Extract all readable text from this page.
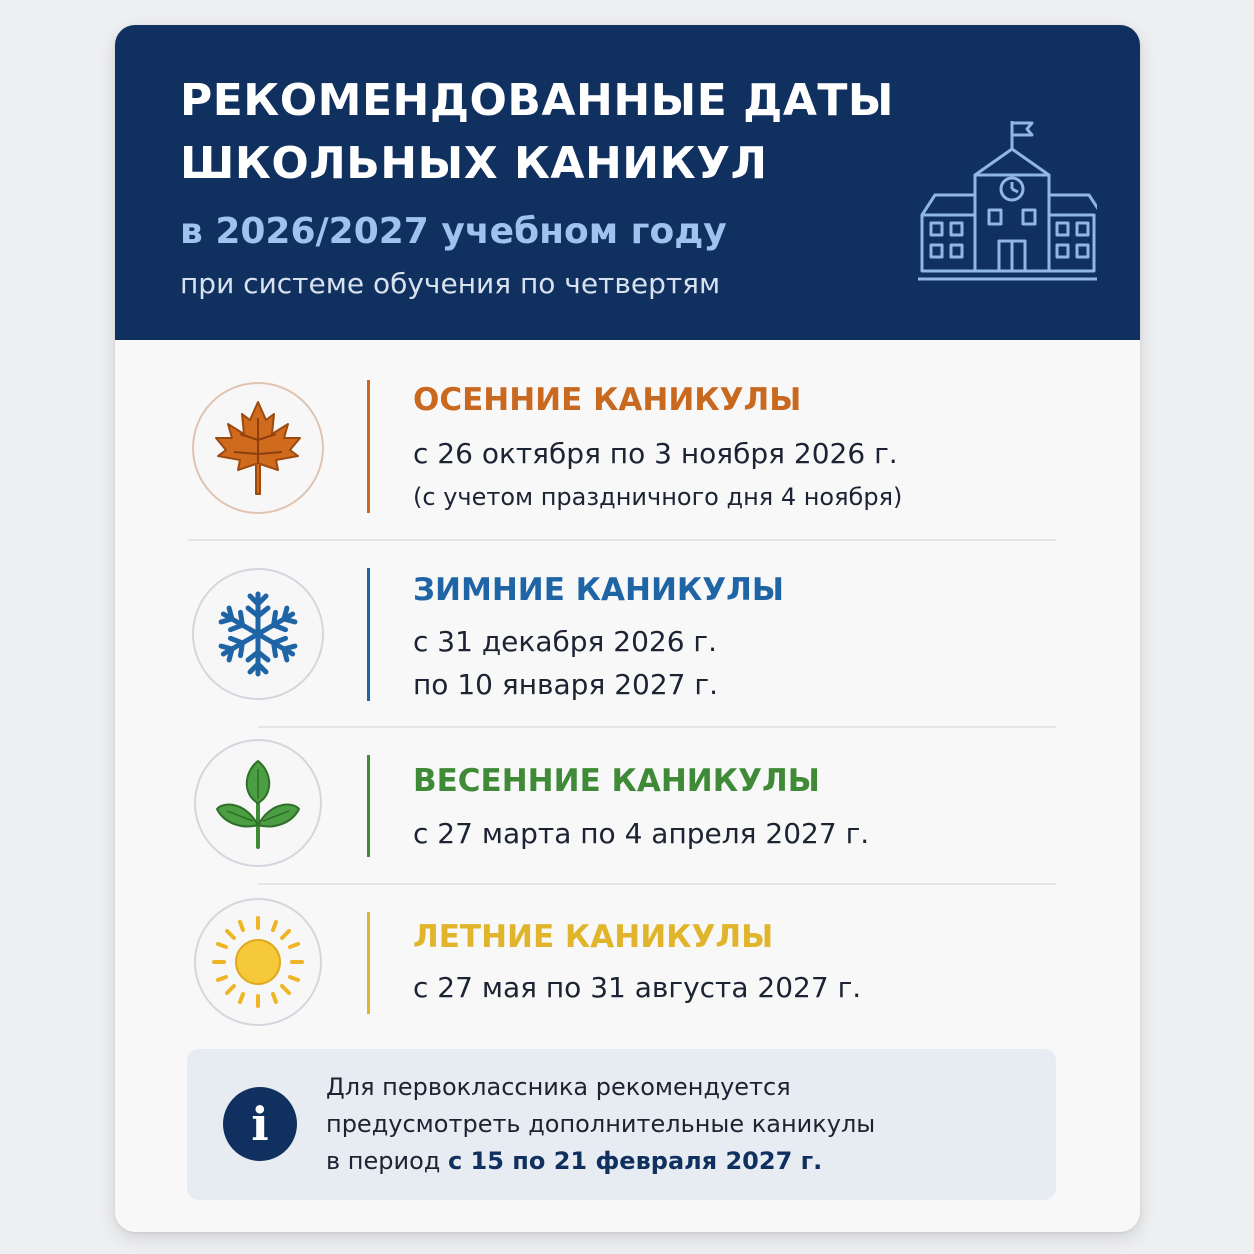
РЕКОМЕНДОВАННЫЕ ДАТЫ
ШКОЛЬНЫХ КАНИКУЛ
в 2026/2027 учебном году
при системе обучения по четвертям
ОСЕННИЕ КАНИКУЛЫ
с 26 октября по 3 ноября 2026 г.
(с учетом праздничного дня 4 ноября)
ЗИМНИЕ КАНИКУЛЫ
с 31 декабря 2026 г.
по 10 января 2027 г.
ВЕСЕННИЕ КАНИКУЛЫ
с 27 марта по 4 апреля 2027 г.
ЛЕТНИЕ КАНИКУЛЫ
с 27 мая по 31 августа 2027 г.
i
Для первоклассника рекомендуется
предусмотреть дополнительные каникулы
в период с 15 по 21 февраля 2027 г.
